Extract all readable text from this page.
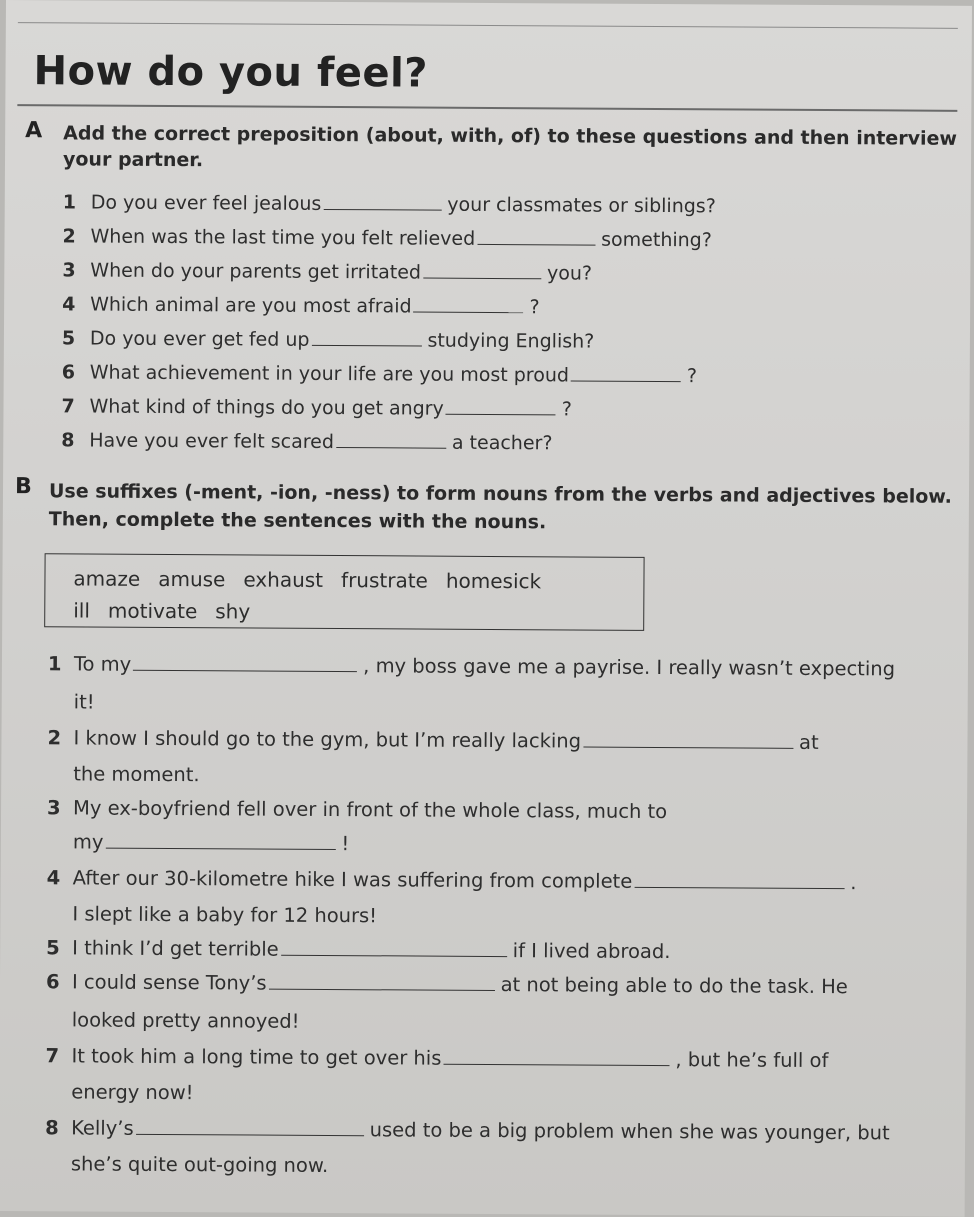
How do you feel?
A Add the correct preposition (about, with, of) to these questions and then interview
your partner.
1 Do you ever feel jealous	your classmates or siblings?
2 When was the last time you felt relieved	something?
3 When do your parents get irritated	you?
4 Which animal are you most afraid	?
5 Do you ever get fed up	studying English?
6 What achievement in your life are you most proud	?
7 What kind of things do you get angry	?
8 Have you ever felt scared	a teacher?
B Use suffixes (-ment, -ion, -ness) to form nouns from the verbs and adjectives below.
Then, complete the sentences with the nouns.
amaze amuse exhaust frustrate homesick
ill motivate shy
1 To my	, my boss gave me a payrise. I really wasn’t expecting
it!
2 I know I should go to the gym, but I’m really lacking	at
the moment.
3 My ex-boyfriend fell over in front of the whole class, much to
my	!
4 After our 30-kilometre hike I was suffering from complete	.
I slept like a baby for 12 hours!
5 I think I’d get terrible	if I lived abroad.
6 I could sense Tony’s	at not being able to do the task. He
looked pretty annoyed!
7 It took him a long time to get over his	, but he’s full of
energy now!
8 Kelly’s	used to be a big problem when she was younger, but
she’s quite out-going now.
